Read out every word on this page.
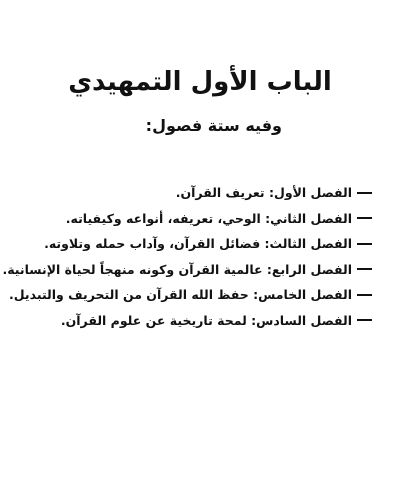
الباب الأول التمهيدي

وفيه ستة فصول:

الفصل الأول: تعريف القرآن.
الفصل الثاني: الوحي، تعريفه، أنواعه وكيفياته.
الفصل الثالث: فضائل القرآن، وآداب حمله وتلاوته.
الفصل الرابع: عالمية القرآن وكونه منهجاً لحياة الإنسانية.
الفصل الخامس: حفظ الله القرآن من التحريف والتبديل.
الفصل السادس: لمحة تاريخية عن علوم القرآن.
